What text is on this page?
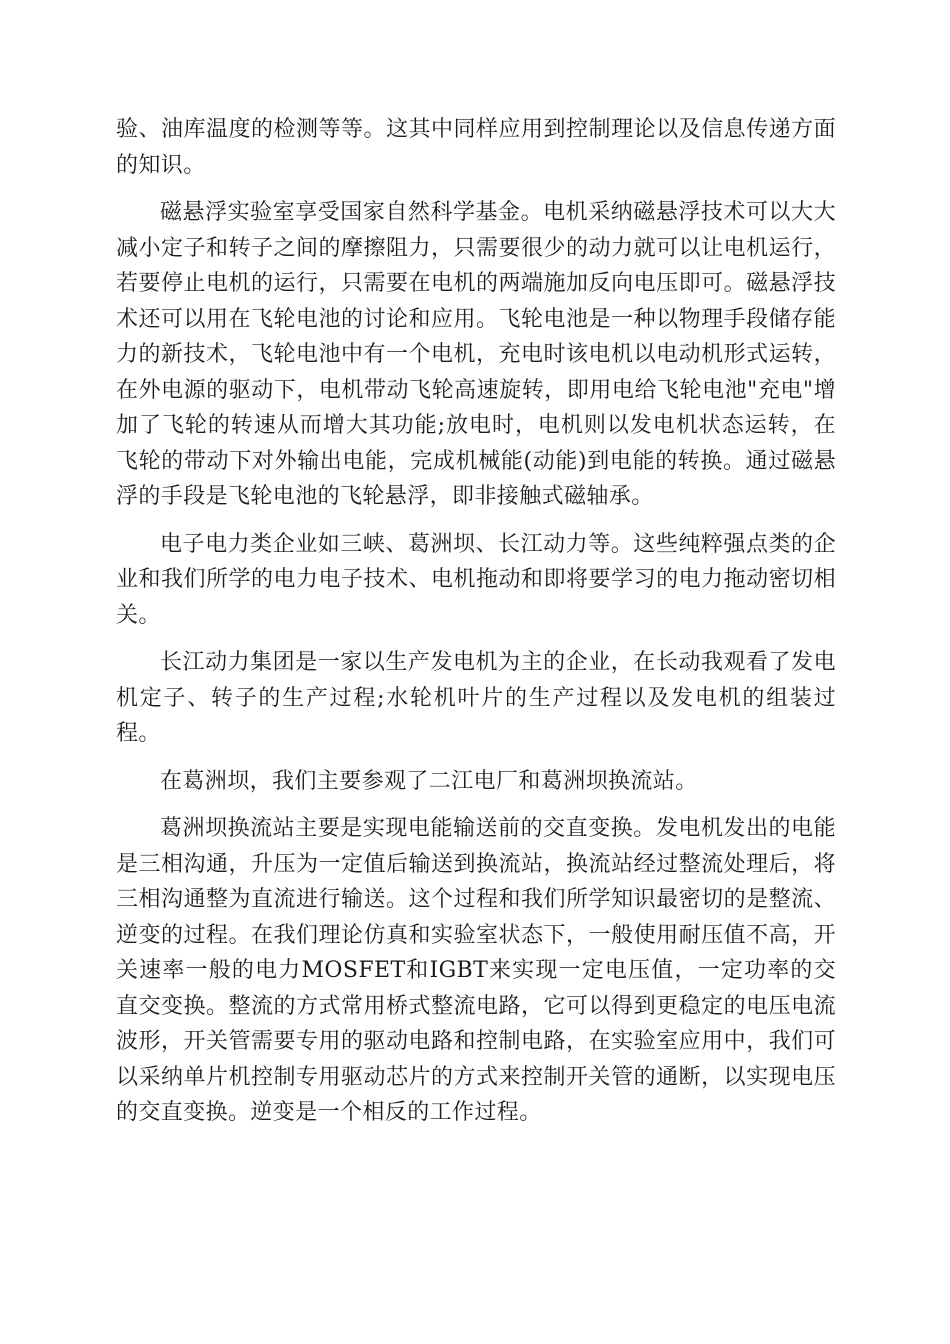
验、油库温度的检测等等。这其中同样应用到控制理论以及信息传递方面的知识。

磁悬浮实验室享受国家自然科学基金。电机采纳磁悬浮技术可以大大减小定子和转子之间的摩擦阻力，只需要很少的动力就可以让电机运行，若要停止电机的运行，只需要在电机的两端施加反向电压即可。磁悬浮技术还可以用在飞轮电池的讨论和应用。飞轮电池是一种以物理手段储存能力的新技术，飞轮电池中有一个电机，充电时该电机以电动机形式运转，在外电源的驱动下，电机带动飞轮高速旋转，即用电给飞轮电池"充电"增加了飞轮的转速从而增大其功能;放电时，电机则以发电机状态运转，在飞轮的带动下对外输出电能，完成机械能(动能)到电能的转换。通过磁悬浮的手段是飞轮电池的飞轮悬浮，即非接触式磁轴承。

电子电力类企业如三峡、葛洲坝、长江动力等。这些纯粹强点类的企业和我们所学的电力电子技术、电机拖动和即将要学习的电力拖动密切相关。

长江动力集团是一家以生产发电机为主的企业，在长动我观看了发电机定子、转子的生产过程;水轮机叶片的生产过程以及发电机的组装过程。

在葛洲坝，我们主要参观了二江电厂和葛洲坝换流站。

葛洲坝换流站主要是实现电能输送前的交直变换。发电机发出的电能是三相沟通，升压为一定值后输送到换流站，换流站经过整流处理后，将三相沟通整为直流进行输送。这个过程和我们所学知识最密切的是整流、逆变的过程。在我们理论仿真和实验室状态下，一般使用耐压值不高，开关速率一般的电力MOSFET和IGBT来实现一定电压值，一定功率的交直交变换。整流的方式常用桥式整流电路，它可以得到更稳定的电压电流波形，开关管需要专用的驱动电路和控制电路，在实验室应用中，我们可以采纳单片机控制专用驱动芯片的方式来控制开关管的通断，以实现电压的交直变换。逆变是一个相反的工作过程。
